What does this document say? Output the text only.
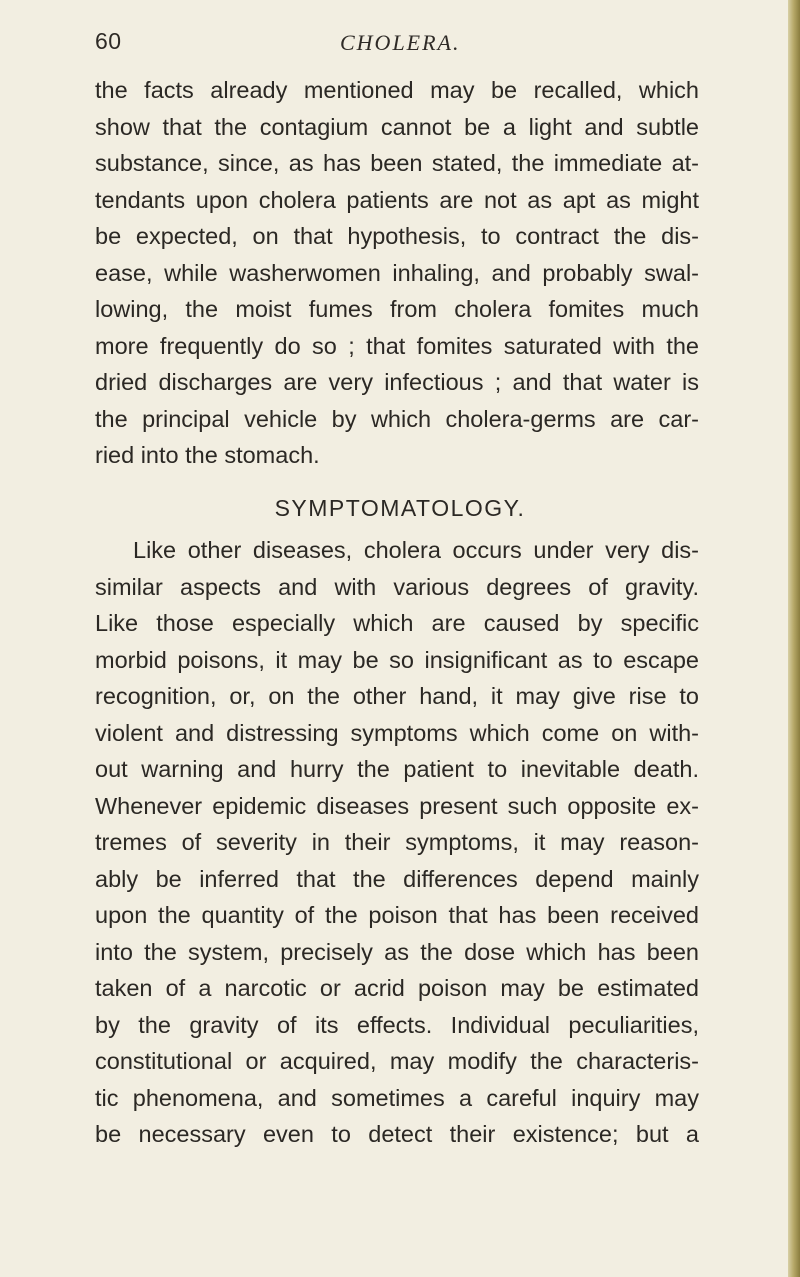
60	CHOLERA.
the facts already mentioned may be recalled, which
show that the contagium cannot be a light and subtle
substance, since, as has been stated, the immediate at-
tendants upon cholera patients are not as apt as might
be expected, on that hypothesis, to contract the dis-
ease, while washerwomen inhaling, and probably swal-
lowing, the moist fumes from cholera fomites much
more frequently do so ; that fomites saturated with the
dried discharges are very infectious ; and that water is
the principal vehicle by which cholera-germs are car-
ried into the stomach.
SYMPTOMATOLOGY.
Like other diseases, cholera occurs under very dis-
similar aspects and with various degrees of gravity.
Like those especially which are caused by specific
morbid poisons, it may be so insignificant as to escape
recognition, or, on the other hand, it may give rise to
violent and distressing symptoms which come on with-
out warning and hurry the patient to inevitable death.
Whenever epidemic diseases present such opposite ex-
tremes of severity in their symptoms, it may reason-
ably be inferred that the differences depend mainly
upon the quantity of the poison that has been received
into the system, precisely as the dose which has been
taken of a narcotic or acrid poison may be estimated
by the gravity of its effects. Individual peculiarities,
constitutional or acquired, may modify the characteris-
tic phenomena, and sometimes a careful inquiry may
be necessary even to detect their existence; but a
